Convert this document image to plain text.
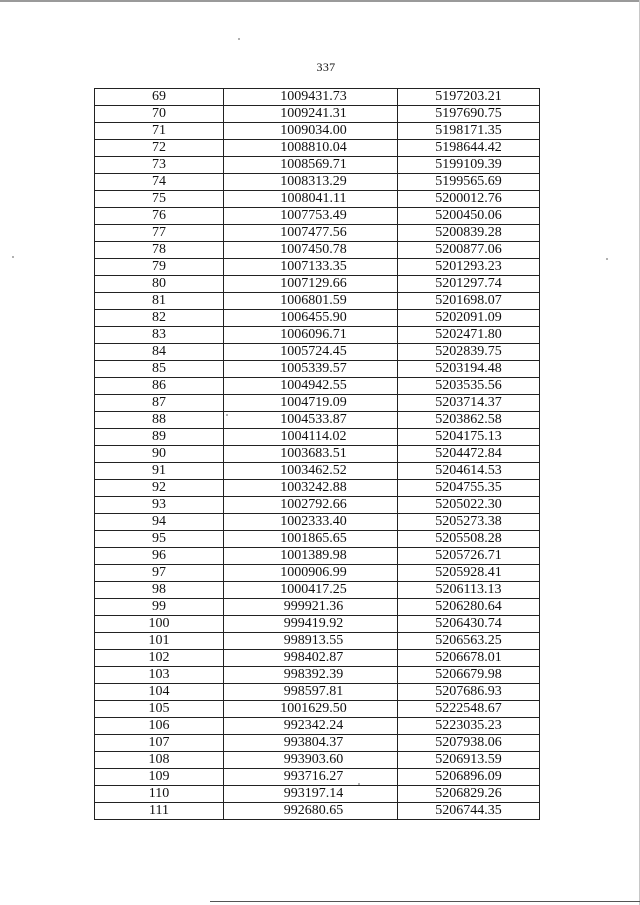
337
69	1009431.73	5197203.21
70	1009241.31	5197690.75
71	1009034.00	5198171.35
72	1008810.04	5198644.42
73	1008569.71	5199109.39
74	1008313.29	5199565.69
75	1008041.11	5200012.76
76	1007753.49	5200450.06
77	1007477.56	5200839.28
78	1007450.78	5200877.06
79	1007133.35	5201293.23
80	1007129.66	5201297.74
81	1006801.59	5201698.07
82	1006455.90	5202091.09
83	1006096.71	5202471.80
84	1005724.45	5202839.75
85	1005339.57	5203194.48
86	1004942.55	5203535.56
87	1004719.09	5203714.37
88	1004533.87	5203862.58
89	1004114.02	5204175.13
90	1003683.51	5204472.84
91	1003462.52	5204614.53
92	1003242.88	5204755.35
93	1002792.66	5205022.30
94	1002333.40	5205273.38
95	1001865.65	5205508.28
96	1001389.98	5205726.71
97	1000906.99	5205928.41
98	1000417.25	5206113.13
99	999921.36	5206280.64
100	999419.92	5206430.74
101	998913.55	5206563.25
102	998402.87	5206678.01
103	998392.39	5206679.98
104	998597.81	5207686.93
105	1001629.50	5222548.67
106	992342.24	5223035.23
107	993804.37	5207938.06
108	993903.60	5206913.59
109	993716.27	5206896.09
110	993197.14	5206829.26
111	992680.65	5206744.35
